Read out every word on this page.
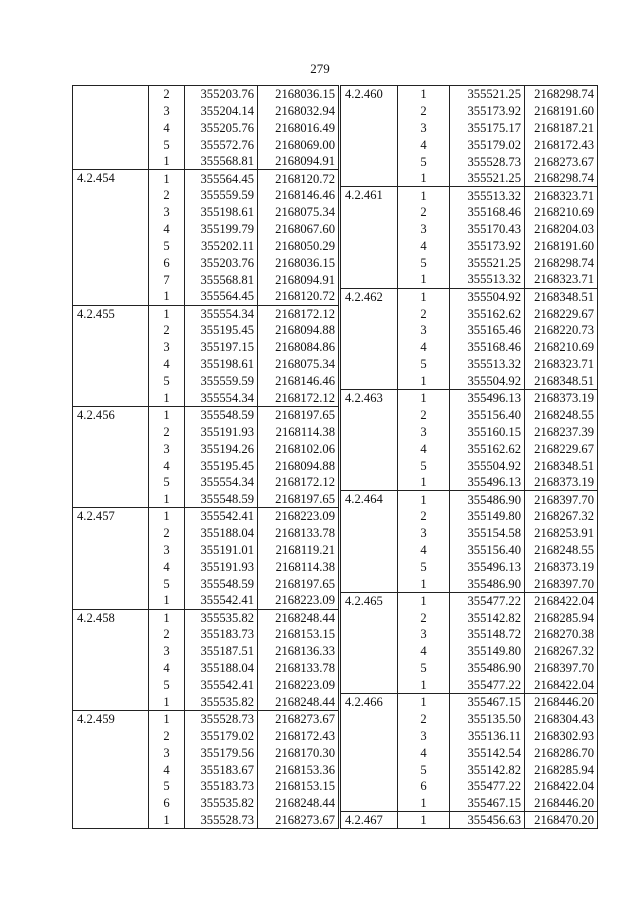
279
	2	355203.76	2168036.15
	3	355204.14	2168032.94
	4	355205.76	2168016.49
	5	355572.76	2168069.00
	1	355568.81	2168094.91
4.2.454	1	355564.45	2168120.72
	2	355559.59	2168146.46
	3	355198.61	2168075.34
	4	355199.79	2168067.60
	5	355202.11	2168050.29
	6	355203.76	2168036.15
	7	355568.81	2168094.91
	1	355564.45	2168120.72
4.2.455	1	355554.34	2168172.12
	2	355195.45	2168094.88
	3	355197.15	2168084.86
	4	355198.61	2168075.34
	5	355559.59	2168146.46
	1	355554.34	2168172.12
4.2.456	1	355548.59	2168197.65
	2	355191.93	2168114.38
	3	355194.26	2168102.06
	4	355195.45	2168094.88
	5	355554.34	2168172.12
	1	355548.59	2168197.65
4.2.457	1	355542.41	2168223.09
	2	355188.04	2168133.78
	3	355191.01	2168119.21
	4	355191.93	2168114.38
	5	355548.59	2168197.65
	1	355542.41	2168223.09
4.2.458	1	355535.82	2168248.44
	2	355183.73	2168153.15
	3	355187.51	2168136.33
	4	355188.04	2168133.78
	5	355542.41	2168223.09
	1	355535.82	2168248.44
4.2.459	1	355528.73	2168273.67
	2	355179.02	2168172.43
	3	355179.56	2168170.30
	4	355183.67	2168153.36
	5	355183.73	2168153.15
	6	355535.82	2168248.44
	1	355528.73	2168273.67
4.2.460	1	355521.25	2168298.74
	2	355173.92	2168191.60
	3	355175.17	2168187.21
	4	355179.02	2168172.43
	5	355528.73	2168273.67
	1	355521.25	2168298.74
4.2.461	1	355513.32	2168323.71
	2	355168.46	2168210.69
	3	355170.43	2168204.03
	4	355173.92	2168191.60
	5	355521.25	2168298.74
	1	355513.32	2168323.71
4.2.462	1	355504.92	2168348.51
	2	355162.62	2168229.67
	3	355165.46	2168220.73
	4	355168.46	2168210.69
	5	355513.32	2168323.71
	1	355504.92	2168348.51
4.2.463	1	355496.13	2168373.19
	2	355156.40	2168248.55
	3	355160.15	2168237.39
	4	355162.62	2168229.67
	5	355504.92	2168348.51
	1	355496.13	2168373.19
4.2.464	1	355486.90	2168397.70
	2	355149.80	2168267.32
	3	355154.58	2168253.91
	4	355156.40	2168248.55
	5	355496.13	2168373.19
	1	355486.90	2168397.70
4.2.465	1	355477.22	2168422.04
	2	355142.82	2168285.94
	3	355148.72	2168270.38
	4	355149.80	2168267.32
	5	355486.90	2168397.70
	1	355477.22	2168422.04
4.2.466	1	355467.15	2168446.20
	2	355135.50	2168304.43
	3	355136.11	2168302.93
	4	355142.54	2168286.70
	5	355142.82	2168285.94
	6	355477.22	2168422.04
	1	355467.15	2168446.20
4.2.467	1	355456.63	2168470.20
